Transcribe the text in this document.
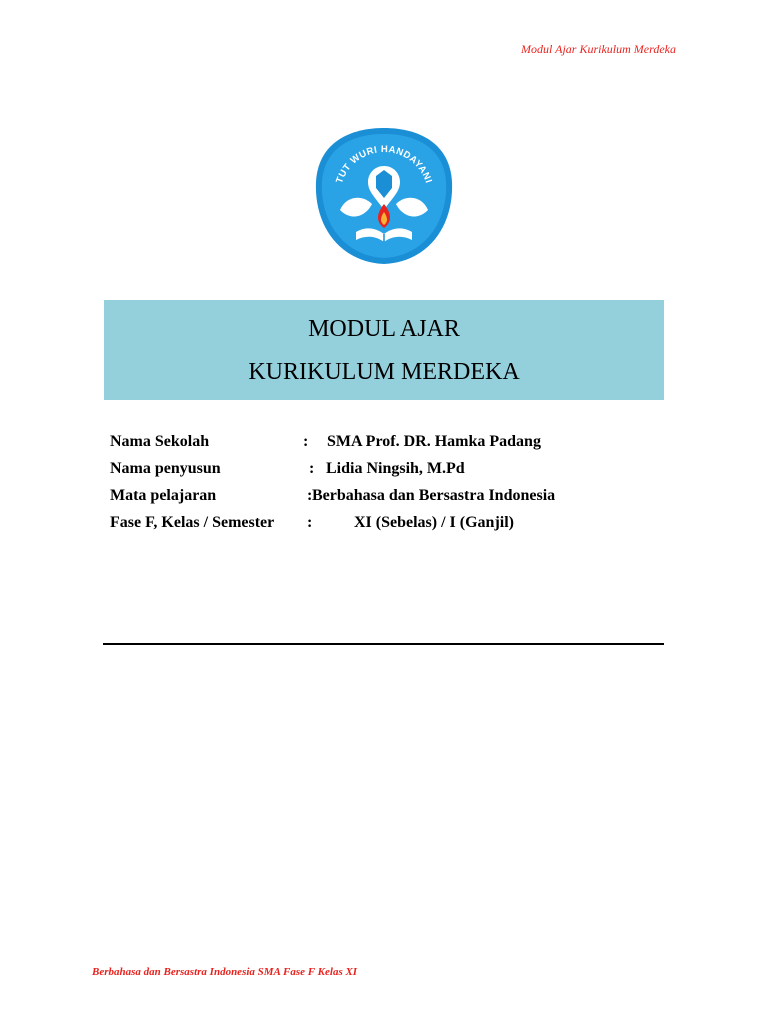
Modul Ajar Kurikulum Merdeka
TUT WURI HANDAYANI
MODUL AJAR
KURIKULUM MERDEKA
Nama Sekolah	: SMA Prof. DR. Hamka Padang
Nama penyusun	: Lidia Ningsih, M.Pd
Mata pelajaran	: Berbahasa dan Bersastra Indonesia
Fase F, Kelas / Semester :	XI (Sebelas) / I (Ganjil)
Berbahasa dan Bersastra Indonesia SMA Fase F Kelas XI
